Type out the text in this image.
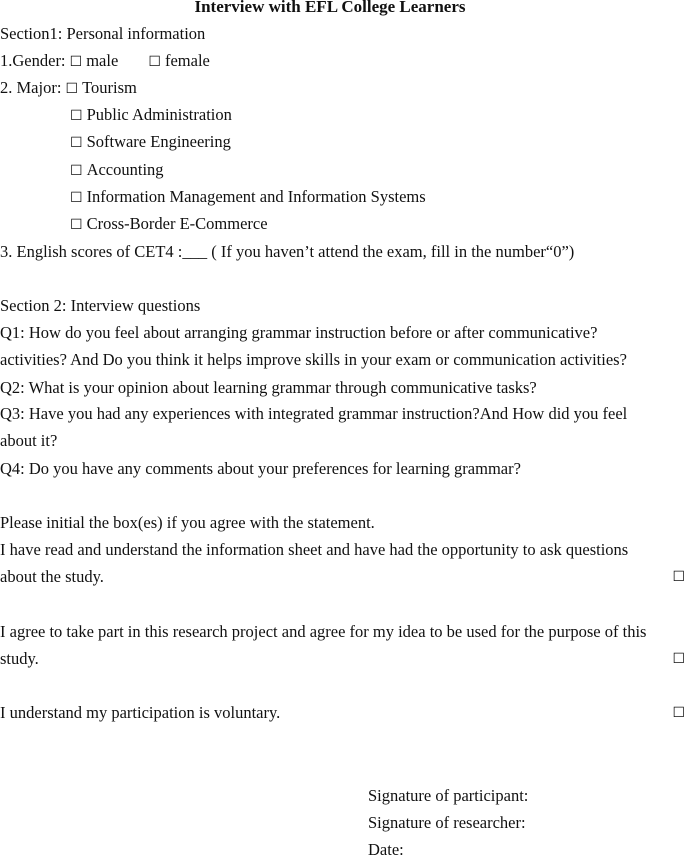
Interview with EFL College Learners
Section1: Personal information
1.Gender: ☐ male ☐ female
2. Major: ☐ Tourism
☐ Public Administration
☐ Software Engineering
☐ Accounting
☐ Information Management and Information Systems
☐ Cross-Border E-Commerce
3. English scores of CET4 :___ ( If you haven’t attend the exam, fill in the number“0”)
Section 2: Interview questions
Q1: How do you feel about arranging grammar instruction before or after communicative?
activities? And Do you think it helps improve skills in your exam or communication activities?
Q2: What is your opinion about learning grammar through communicative tasks?
Q3: Have you had any experiences with integrated grammar instruction?And How did you feel
about it?
Q4: Do you have any comments about your preferences for learning grammar?
Please initial the box(es) if you agree with the statement.
I have read and understand the information sheet and have had the opportunity to ask questions
about the study.	☐
I agree to take part in this research project and agree for my idea to be used for the purpose of this
study.	☐
I understand my participation is voluntary.	☐
Signature of participant:
Signature of researcher:
Date:
